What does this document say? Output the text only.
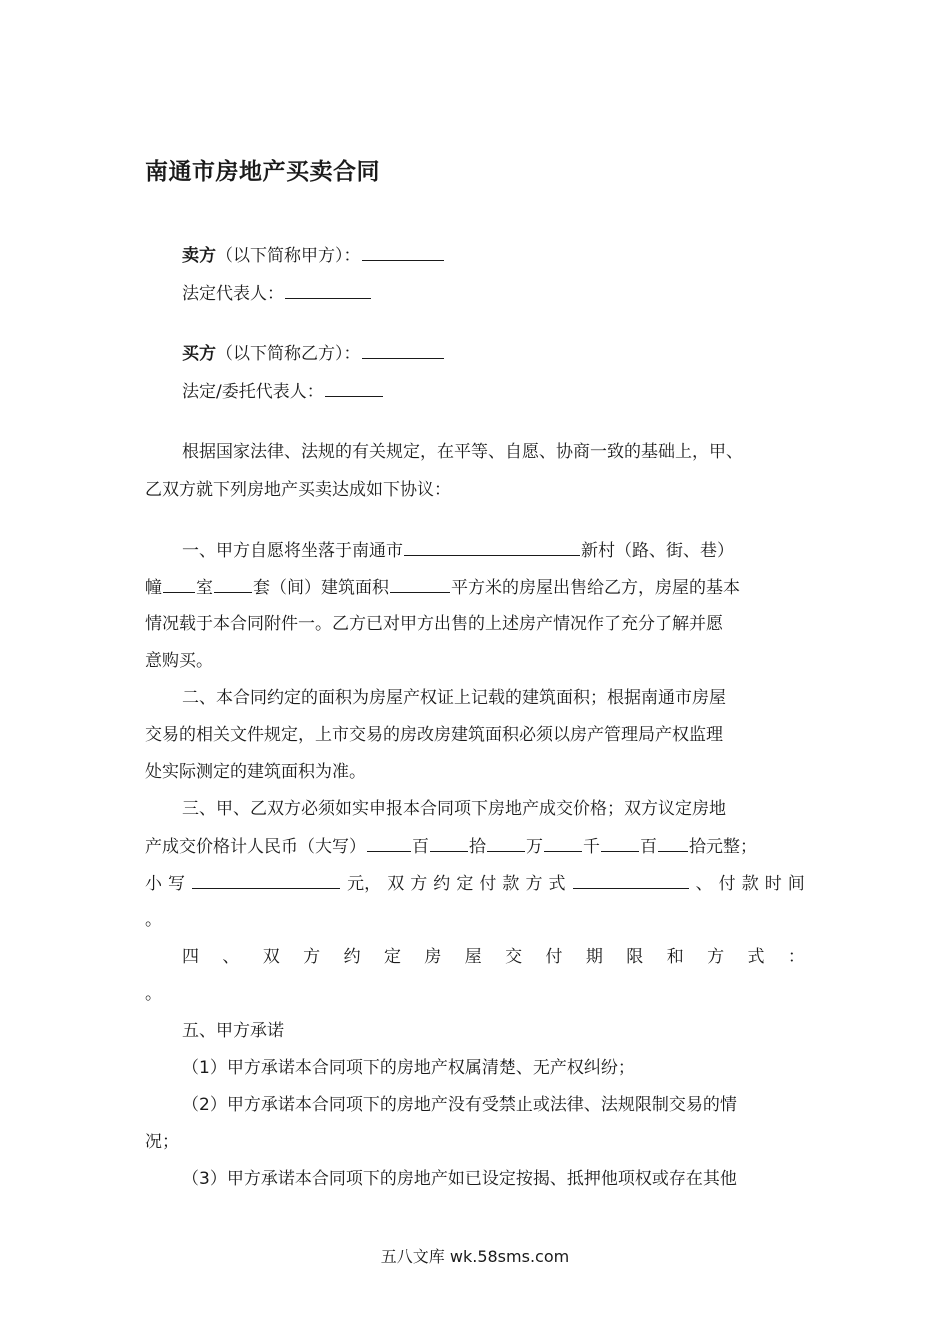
南通市房地产买卖合同
卖方（以下简称甲方）：
法定代表人：
买方（以下简称乙方）：
法定/委托代表人：
根据国家法律、法规的有关规定，在平等、自愿、协商一致的基础上，甲、
乙双方就下列房地产买卖达成如下协议：
一、甲方自愿将坐落于南通市	新村（路、街、巷）
幢 室 套（间）建筑面积	平方米的房屋出售给乙方，房屋的基本
情况载于本合同附件一。乙方已对甲方出售的上述房产情况作了充分了解并愿
意购买。
二、本合同约定的面积为房屋产权证上记载的建筑面积；根据南通市房屋
交易的相关文件规定，上市交易的房改房建筑面积必须以房产管理局产权监理
处实际测定的建筑面积为准。
三、甲、乙双方必须如实申报本合同项下房地产成交价格；双方议定房地
产成交价格计人民币（大写）	百 拾 万 千 百 拾元整；
小 写	元， 双 方 约 定 付 款 方 式	、 付 款 时 间
。
四 、 双 方 约 定 房 屋 交 付 期 限 和 方 式 ：
。
五、甲方承诺
（1）甲方承诺本合同项下的房地产权属清楚、无产权纠纷；
（2）甲方承诺本合同项下的房地产没有受禁止或法律、法规限制交易的情
况；
（3）甲方承诺本合同项下的房地产如已设定按揭、抵押他项权或存在其他
五八文库 wk.58sms.com
